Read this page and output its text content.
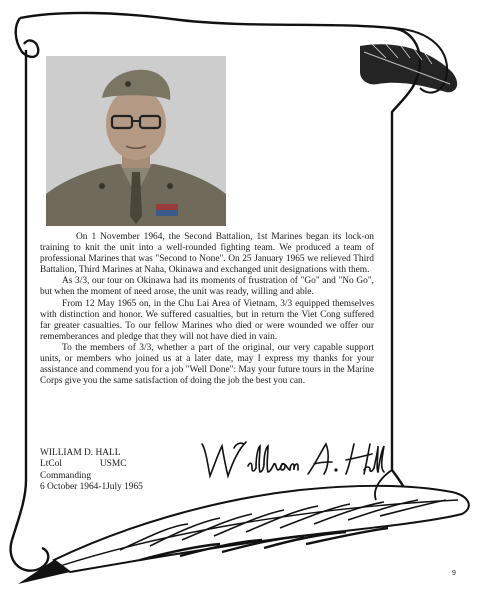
On 1 November 1964, the Second Battalion, 1st Marines began its lock-on training to knit the unit into a well-rounded fighting team. We produced a team of professional Marines that was "Second to None". On 25 January 1965 we relieved Third Battalion, Third Marines at Naha, Okinawa and exchanged unit designations with them.

As 3/3, our tour on Okinawa had its moments of frustration of "Go" and "No Go", but when the moment of need arose, the unit was ready, willing and able.

From 12 May 1965 on, in the Chu Lai Area of Vietnam, 3/3 equipped themselves with distinction and honor. We suffered casualties, but in return the Viet Cong suffered far greater casualties. To our fellow Marines who died or were wounded we offer our rememberances and pledge that they will not have died in vain.

To the members of 3/3, whether a part of the original, our very capable support units, or members who joined us at a later date, may I express my thanks for your assistance and commend you for a job "Well Done": May your future tours in the Marine Corps give you the same satisfaction of doing the job the best you can.

WILLIAM D. HALL
LtCol	USMC
Commanding
6 October 1964-1July 1965
9
